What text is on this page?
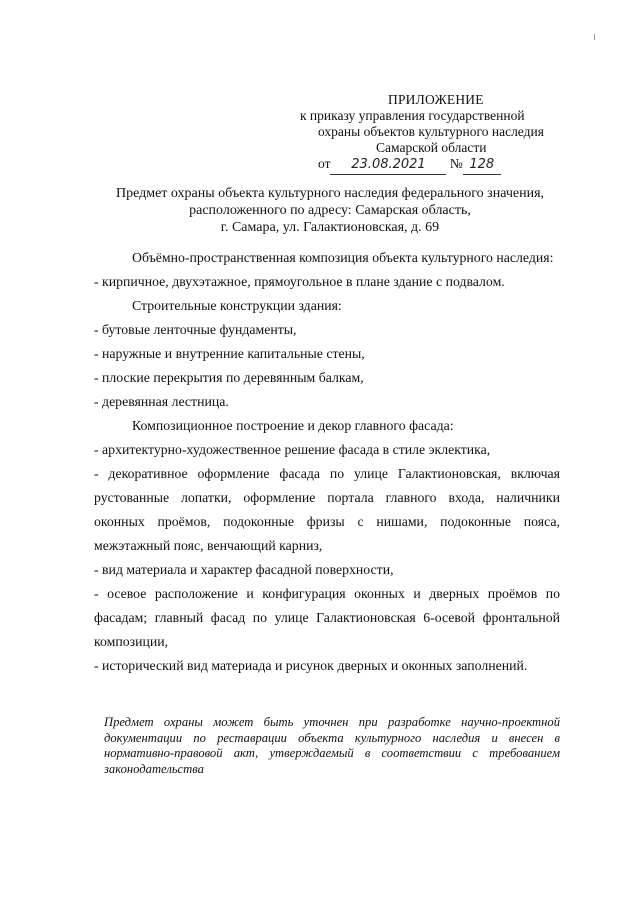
ПРИЛОЖЕНИЕ
к приказу управления государственной
охраны объектов культурного наследия
Самарской области
от 23.08.2021 № 128
Предмет охраны объекта культурного наследия федерального значения,
расположенного по адресу: Самарская область,
г. Самара, ул. Галактионовская, д. 69
Объёмно-пространственная композиция объекта культурного наследия:
- кирпичное, двухэтажное, прямоугольное в плане здание с подвалом.
Строительные конструкции здания:
- бутовые ленточные фундаменты,
- наружные и внутренние капитальные стены,
- плоские перекрытия по деревянным балкам,
- деревянная лестница.
Композиционное построение и декор главного фасада:
- архитектурно-художественное решение фасада в стиле эклектика,
- декоративное оформление фасада по улице Галактионовская, включая
рустованные лопатки, оформление портала главного входа, наличники
оконных проёмов, подоконные фризы с нишами, подоконные пояса,
межэтажный пояс, венчающий карниз,
- вид материала и характер фасадной поверхности,
- осевое расположение и конфигурация оконных и дверных проёмов по
фасадам; главный фасад по улице Галактионовская 6-осевой фронтальной
композиции,
- исторический вид материада и рисунок дверных и оконных заполнений.
Предмет охраны может быть уточнен при разработке научно-проектной документации по реставрации объекта культурного наследия и внесен в нормативно-правовой акт, утверждаемый в соответствии с требованием законодательства
